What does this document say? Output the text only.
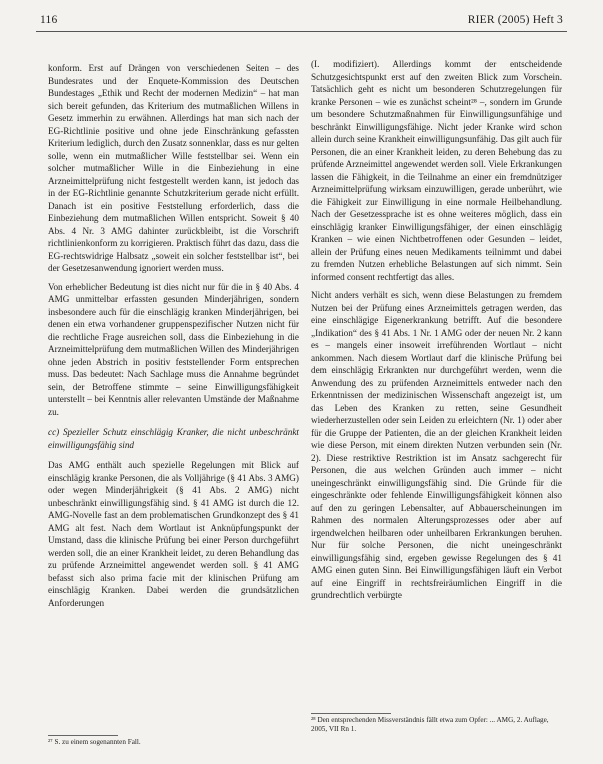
116	RIER (2005) Heft 3

konform. Erst auf Drängen von verschiedenen Seiten – des Bundesrates und der Enquete-Kommission des Deutschen Bundestages „Ethik und Recht der modernen Medizin“ – hat man sich bereit gefunden, das Kriterium des mutmaßlichen Willens in Gesetz immerhin zu erwähnen. Allerdings hat man sich nach der EG-Richtlinie positive und ohne jede Einschränkung gefassten Kriterium lediglich, durch den Zusatz sonnenklar, dass es nur gelten solle, wenn ein mutmaßlicher Wille feststellbar sei. Wenn ein solcher mutmaßlicher Wille in die Einbeziehung in eine Arzneimittelprüfung nicht festgestellt werden kann, ist jedoch das in der EG-Richtlinie genannte Schutzkriterium gerade nicht erfüllt. Danach ist ein positive Feststellung erforderlich, dass die Einbeziehung dem mutmaßlichen Willen entspricht. Soweit § 40 Abs. 4 Nr. 3 AMG dahinter zurückbleibt, ist die Vorschrift richtlinienkonform zu korrigieren. Praktisch führt das dazu, dass die EG-rechtswidrige Halbsatz „soweit ein solcher feststellbar ist“, bei der Gesetzesanwendung ignoriert werden muss.

Von erheblicher Bedeutung ist dies nicht nur für die in § 40 Abs. 4 AMG unmittelbar erfassten gesunden Minderjährigen, sondern insbesondere auch für die einschlägig kranken Minderjährigen, bei denen ein etwa vorhandener gruppenspezifischer Nutzen nicht für die rechtliche Frage ausreichen soll, dass die Einbeziehung in die Arzneimittelprüfung dem mutmaßlichen Willen des Minderjährigen ohne jeden Abstrich in positiv feststellender Form entsprechen muss. Das bedeutet: Nach Sachlage muss die Annahme begründet sein, der Betroffene stimmte – seine Einwilligungsfähigkeit unterstellt – bei Kenntnis aller relevanten Umstände der Maßnahme zu.

cc) Spezieller Schutz einschlägig Kranker, die nicht unbeschränkt einwilligungsfähig sind

Das AMG enthält auch spezielle Regelungen mit Blick auf einschlägig kranke Personen, die als Volljährige (§ 41 Abs. 3 AMG) oder wegen Minderjährigkeit (§ 41 Abs. 2 AMG) nicht unbeschränkt einwilligungsfähig sind. § 41 AMG ist durch die 12. AMG-Novelle fast an dem problematischen Grundkonzept des § 41 AMG alt fest. Nach dem Wortlaut ist Anknüpfungspunkt der Umstand, dass die klinische Prüfung bei einer Person durchgeführt werden soll, die an einer Krankheit leidet, zu deren Behandlung das zu prüfende Arzneimittel angewendet werden soll. § 41 AMG befasst sich also prima facie mit der klinischen Prüfung am einschlägig Kranken. Dabei werden die grundsätzlichen Anforderungen

(I. modifiziert). Allerdings kommt der entscheidende Schutzgesichtspunkt erst auf den zweiten Blick zum Vorschein. Tatsächlich geht es nicht um besonderen Schutzregelungen für kranke Personen – wie es zunächst scheint²⁸ –, sondern im Grunde um besondere Schutzmaßnahmen für Einwilligungsunfähige und beschränkt Einwilligungsfähige. Nicht jeder Kranke wird schon allein durch seine Krankheit einwilligungsunfähig. Das gilt auch für Personen, die an einer Krankheit leiden, zu deren Behebung das zu prüfende Arzneimittel angewendet werden soll. Viele Erkrankungen lassen die Fähigkeit, in die Teilnahme an einer ein fremdnütziger Arzneimittelprüfung wirksam einzuwilligen, gerade unberührt, wie die Fähigkeit zur Einwilligung in eine normale Heilbehandlung. Nach der Gesetzessprache ist es ohne weiteres möglich, dass ein einschlägig kranker Einwilligungsfähiger, der einen einschlägig Kranken – wie einen Nichtbetroffenen oder Gesunden – leidet, allein der Prüfung eines neuen Medikaments teilnimmt und dabei zu fremden Nutzen erhebliche Belastungen auf sich nimmt. Sein informed consent rechtfertigt das alles.

Nicht anders verhält es sich, wenn diese Belastungen zu fremdem Nutzen bei der Prüfung eines Arzneimittels getragen werden, das eine einschlägige Eigenerkrankung betrifft. Auf die besondere „Indikation“ des § 41 Abs. 1 Nr. 1 AMG oder der neuen Nr. 2 kann es – mangels einer insoweit irreführenden Wortlaut – nicht ankommen. Nach diesem Wortlaut darf die klinische Prüfung bei dem einschlägig Erkrankten nur durchgeführt werden, wenn die Anwendung des zu prüfenden Arzneimittels entweder nach den Erkenntnissen der medizinischen Wissenschaft angezeigt ist, um das Leben des Kranken zu retten, seine Gesundheit wiederherzustellen oder sein Leiden zu erleichtern (Nr. 1) oder aber für die Gruppe der Patienten, die an der gleichen Krankheit leiden wie diese Person, mit einem direkten Nutzen verbunden sein (Nr. 2). Diese restriktive Restriktion ist im Ansatz sachgerecht für Personen, die aus welchen Gründen auch immer – nicht uneingeschränkt einwilligungsfähig sind. Die Gründe für die eingeschränkte oder fehlende Einwilligungsfähigkeit können also auf den zu geringen Lebensalter, auf Abbauerscheinungen im Rahmen des normalen Alterungsprozesses oder aber auf irgendwelchen heilbaren oder unheilbaren Erkrankungen beruhen. Nur für solche Personen, die nicht uneingeschränkt einwilligungsfähig sind, ergeben gewisse Regelungen des § 41 AMG einen guten Sinn. Bei Einwilligungsfähigen läuft ein Verbot auf eine Eingriff in rechtsfreiräumlichen Eingriff in die grundrechtlich verbürgte

²⁷ S. zu einem sogenannten Fall.
²⁸ Den entsprechenden Missverständnis fällt etwa zum Opfer: ... AMG, 2. Auflage, 2005, VII Rn 1.
